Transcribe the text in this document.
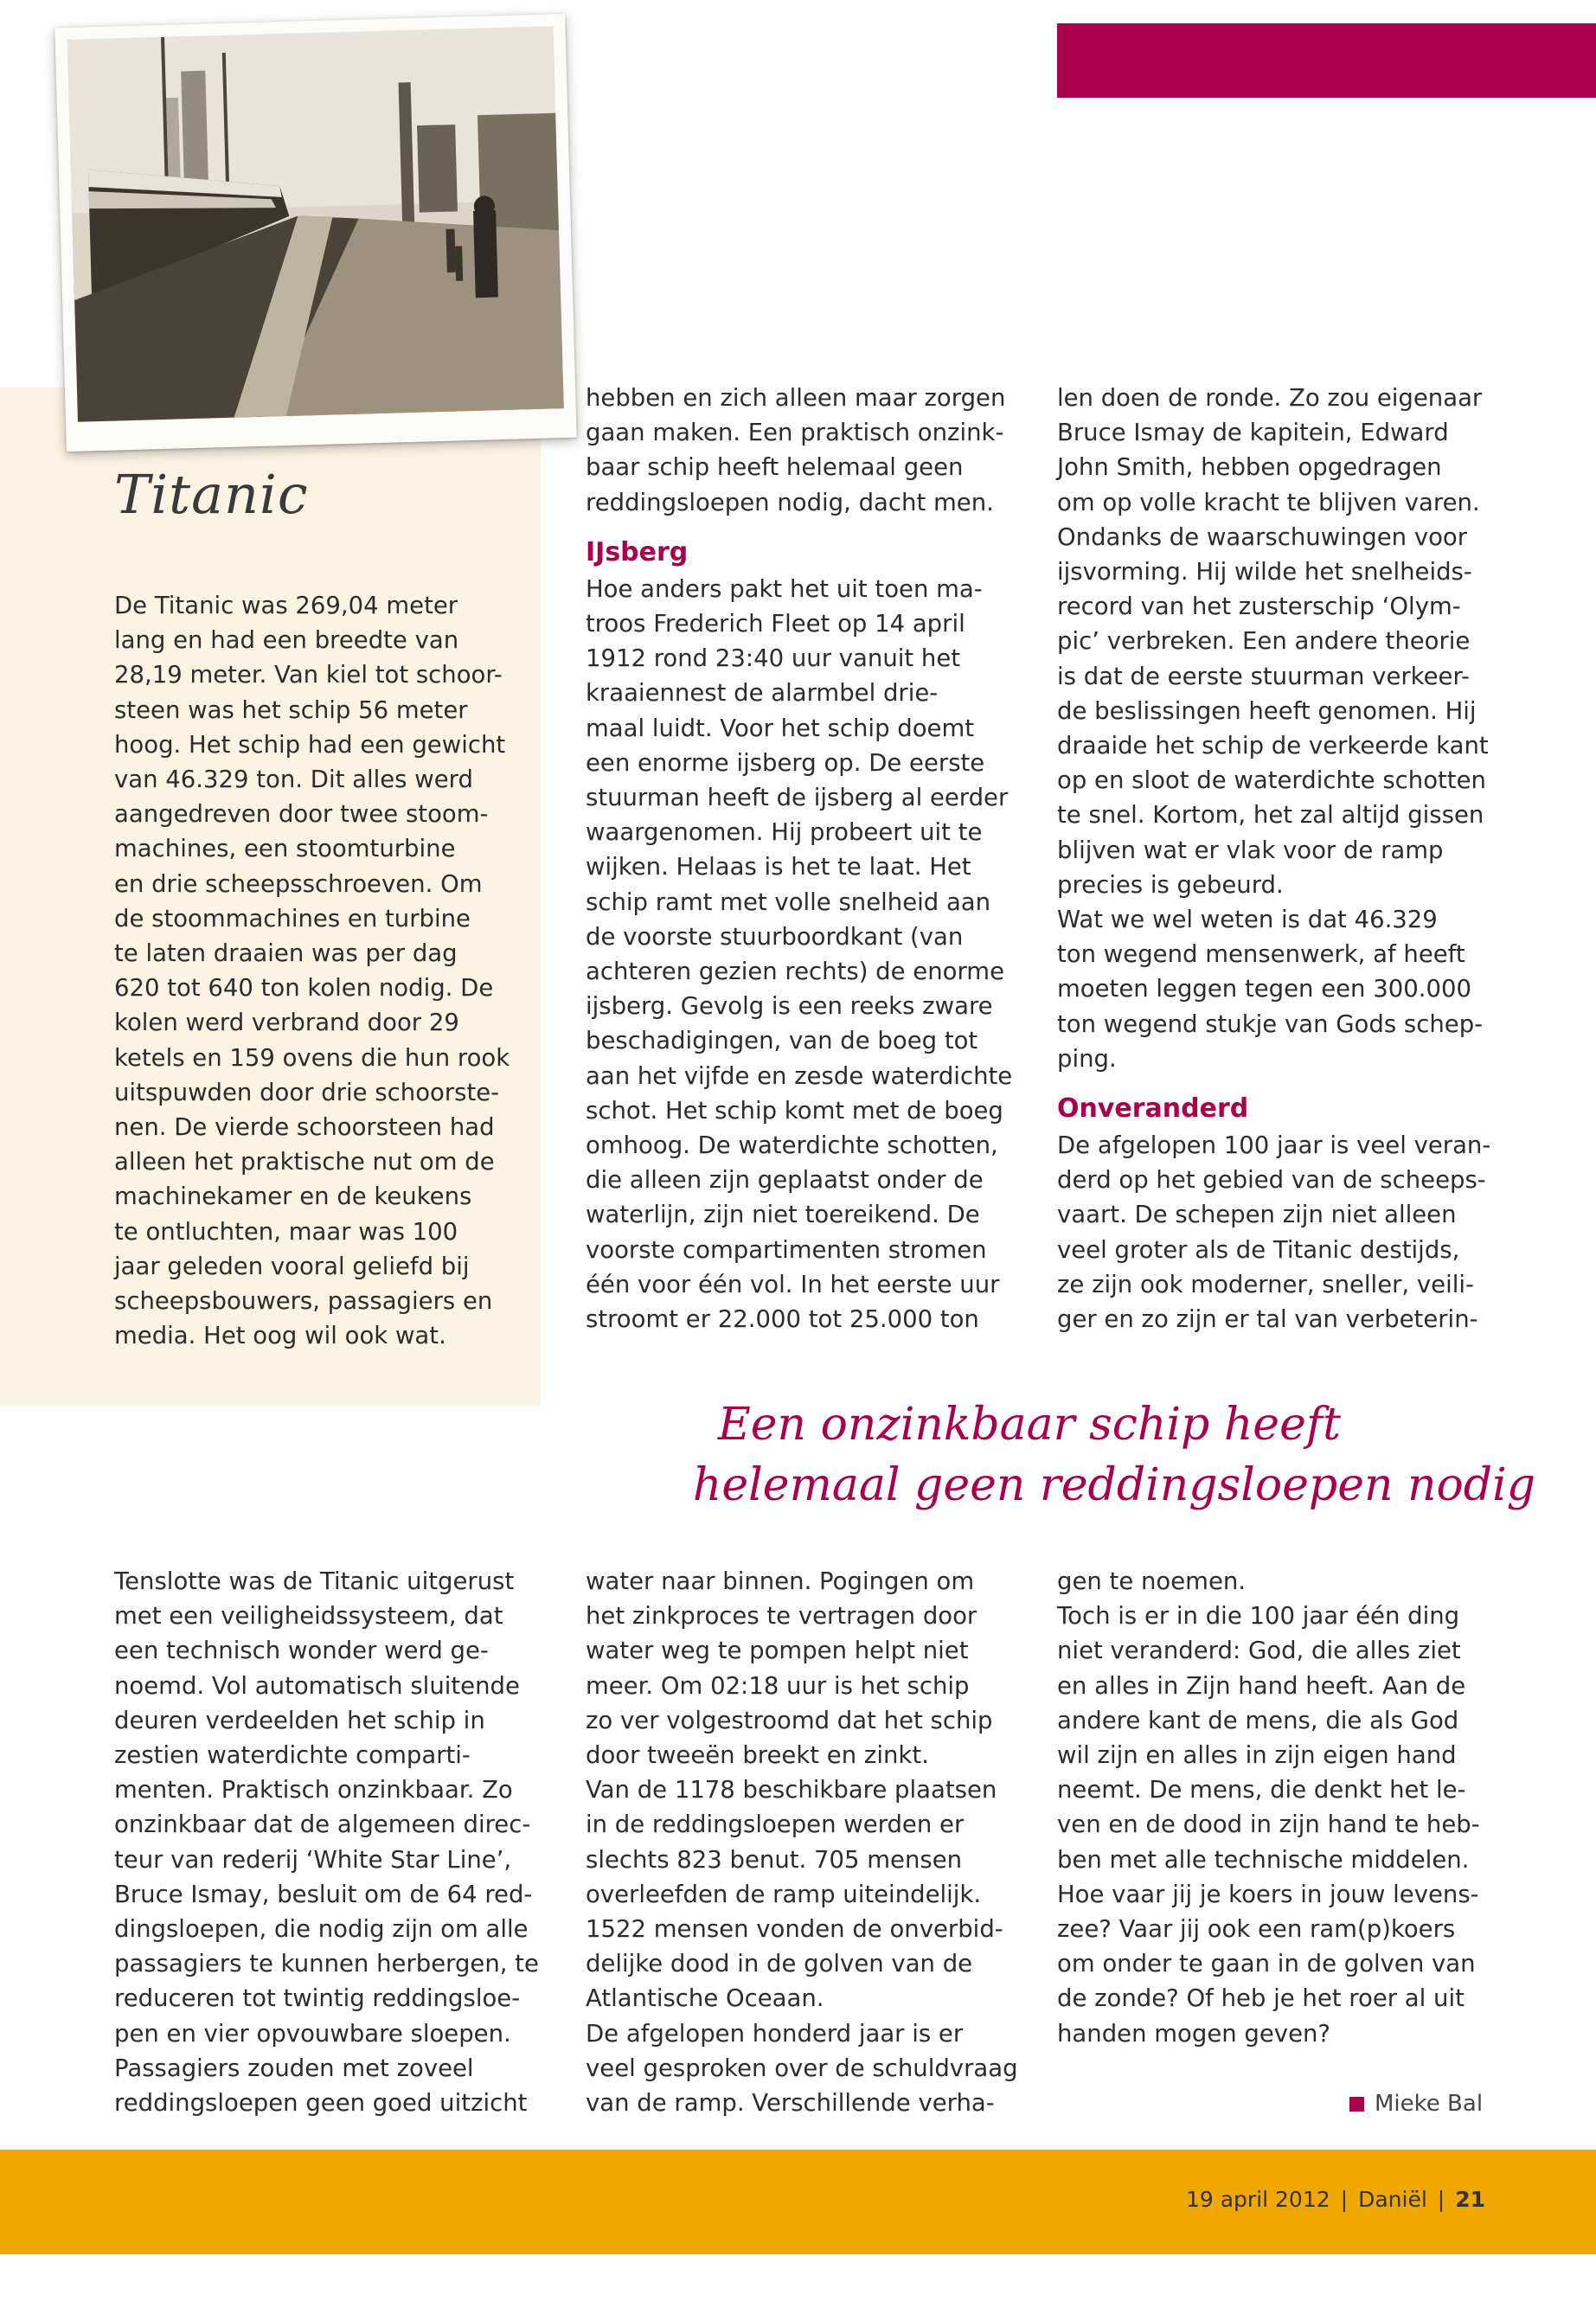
Titanic

De Titanic was 269,04 meter

lang en had een breedte van

28,19 meter. Van kiel tot schoor-

steen was het schip 56 meter

hoog. Het schip had een gewicht

van 46.329 ton. Dit alles werd

aangedreven door twee stoom-

machines, een stoomturbine

en drie scheepsschroeven. Om

de stoommachines en turbine

te laten draaien was per dag

620 tot 640 ton kolen nodig. De

kolen werd verbrand door 29

ketels en 159 ovens die hun rook

uitspuwden door drie schoorste-

nen. De vierde schoorsteen had

alleen het praktische nut om de

machinekamer en de keukens

te ontluchten, maar was 100

jaar geleden vooral geliefd bij

scheepsbouwers, passagiers en

media. Het oog wil ook wat.

hebben en zich alleen maar zorgen

gaan maken. Een praktisch onzink-

baar schip heeft helemaal geen

reddingsloepen nodig, dacht men.

IJsberg

Hoe anders pakt het uit toen ma-

troos Frederich Fleet op 14 april

1912 rond 23:40 uur vanuit het

kraaiennest de alarmbel drie-

maal luidt. Voor het schip doemt

een enorme ijsberg op. De eerste

stuurman heeft de ijsberg al eerder

waargenomen. Hij probeert uit te

wijken. Helaas is het te laat. Het

schip ramt met volle snelheid aan

de voorste stuurboordkant (van

achteren gezien rechts) de enorme

ijsberg. Gevolg is een reeks zware

beschadigingen, van de boeg tot

aan het vijfde en zesde waterdichte

schot. Het schip komt met de boeg

omhoog. De waterdichte schotten,

die alleen zijn geplaatst onder de

waterlijn, zijn niet toereikend. De

voorste compartimenten stromen

één voor één vol. In het eerste uur

stroomt er 22.000 tot 25.000 ton

len doen de ronde. Zo zou eigenaar

Bruce Ismay de kapitein, Edward

John Smith, hebben opgedragen

om op volle kracht te blijven varen.

Ondanks de waarschuwingen voor

ijsvorming. Hij wilde het snelheids-

record van het zusterschip ‘Olym-

pic’ verbreken. Een andere theorie

is dat de eerste stuurman verkeer-

de beslissingen heeft genomen. Hij

draaide het schip de verkeerde kant

op en sloot de waterdichte schotten

te snel. Kortom, het zal altijd gissen

blijven wat er vlak voor de ramp

precies is gebeurd.

Wat we wel weten is dat 46.329

ton wegend mensenwerk, af heeft

moeten leggen tegen een 300.000

ton wegend stukje van Gods schep-

ping.

Onveranderd

De afgelopen 100 jaar is veel veran-

derd op het gebied van de scheeps-

vaart. De schepen zijn niet alleen

veel groter als de Titanic destijds,

ze zijn ook moderner, sneller, veili-

ger en zo zijn er tal van verbeterin-

Een onzinkbaar schip heeft
helemaal geen reddingsloepen nodig

Tenslotte was de Titanic uitgerust

met een veiligheidssysteem, dat

een technisch wonder werd ge-

noemd. Vol automatisch sluitende

deuren verdeelden het schip in

zestien waterdichte comparti-

menten. Praktisch onzinkbaar. Zo

onzinkbaar dat de algemeen direc-

teur van rederij ‘White Star Line’,

Bruce Ismay, besluit om de 64 red-

dingsloepen, die nodig zijn om alle

passagiers te kunnen herbergen, te

reduceren tot twintig reddingsloe-

pen en vier opvouwbare sloepen.

Passagiers zouden met zoveel

reddingsloepen geen goed uitzicht

water naar binnen. Pogingen om

het zinkproces te vertragen door

water weg te pompen helpt niet

meer. Om 02:18 uur is het schip

zo ver volgestroomd dat het schip

door tweeën breekt en zinkt.

Van de 1178 beschikbare plaatsen

in de reddingsloepen werden er

slechts 823 benut. 705 mensen

overleefden de ramp uiteindelijk.

1522 mensen vonden de onverbid-

delijke dood in de golven van de

Atlantische Oceaan.

De afgelopen honderd jaar is er

veel gesproken over de schuldvraag

van de ramp. Verschillende verha-

gen te noemen.

Toch is er in die 100 jaar één ding

niet veranderd: God, die alles ziet

en alles in Zijn hand heeft. Aan de

andere kant de mens, die als God

wil zijn en alles in zijn eigen hand

neemt. De mens, die denkt het le-

ven en de dood in zijn hand te heb-

ben met alle technische middelen.

Hoe vaar jij je koers in jouw levens-

zee? Vaar jij ook een ram(p)koers

om onder te gaan in de golven van

de zonde? Of heb je het roer al uit

handen mogen geven?

Mieke Bal
19 april 2012 | Daniël | 21
